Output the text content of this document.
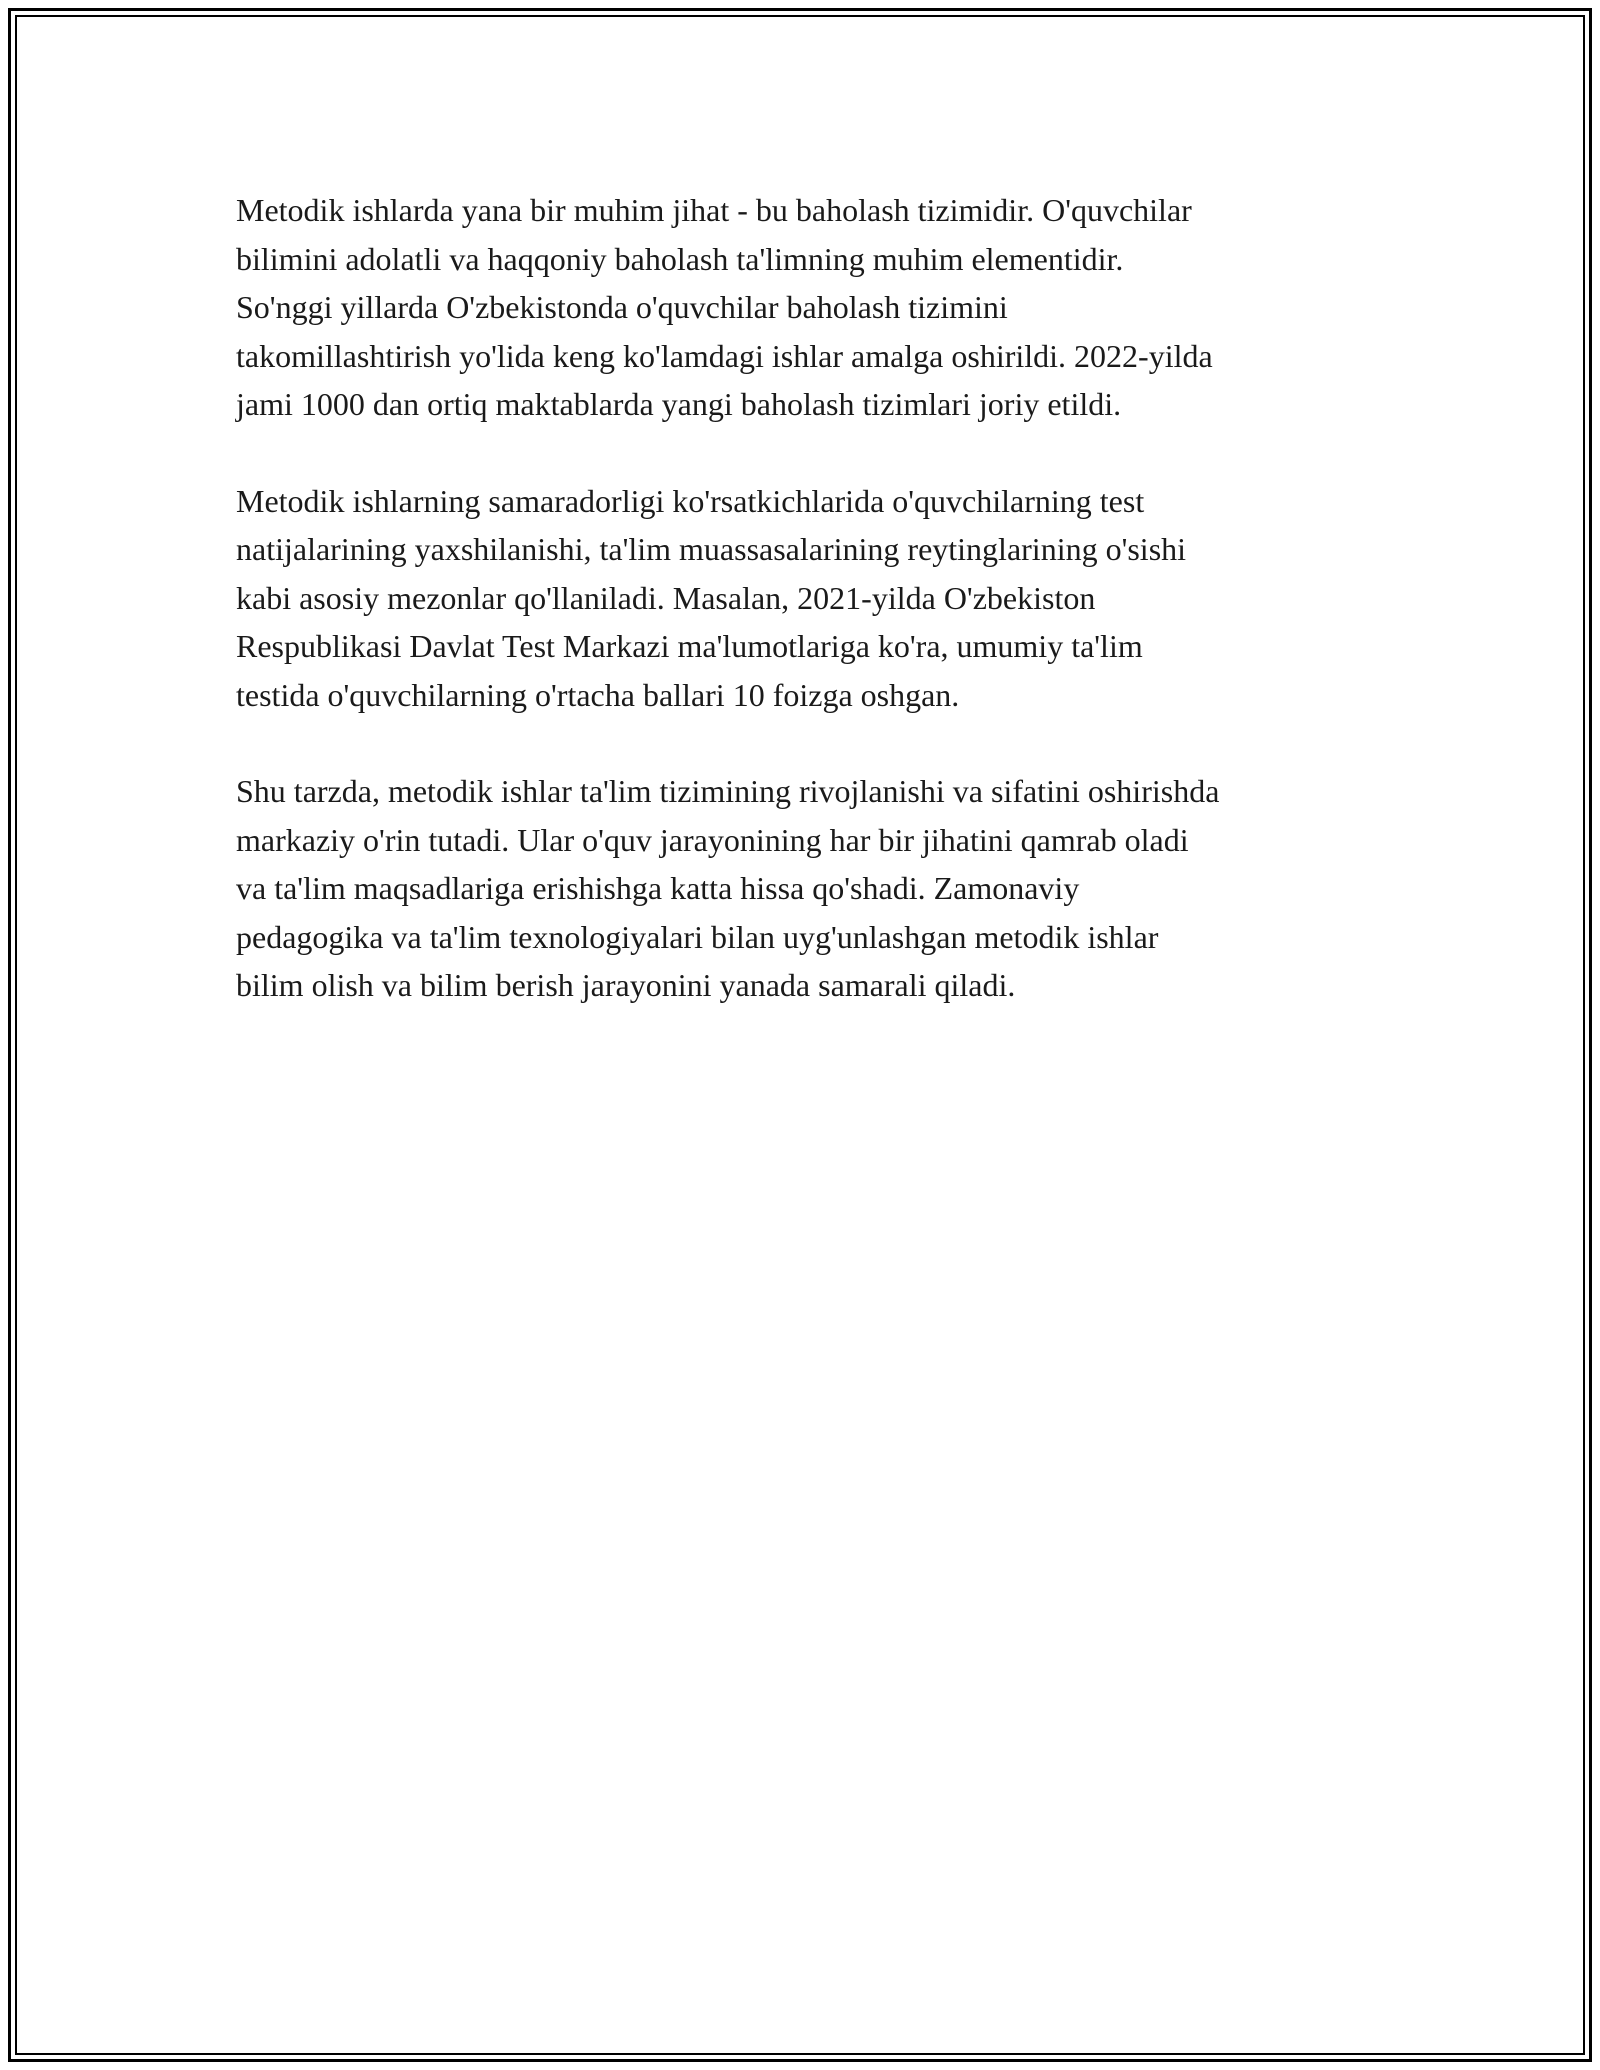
Metodik ishlarda yana bir muhim jihat - bu baholash tizimidir. O'quvchilar
bilimini adolatli va haqqoniy baholash ta'limning muhim elementidir.
So'nggi yillarda O'zbekistonda o'quvchilar baholash tizimini
takomillashtirish yo'lida keng ko'lamdagi ishlar amalga oshirildi. 2022-yilda
jami 1000 dan ortiq maktablarda yangi baholash tizimlari joriy etildi.

Metodik ishlarning samaradorligi ko'rsatkichlarida o'quvchilarning test
natijalarining yaxshilanishi, ta'lim muassasalarining reytinglarining o'sishi
kabi asosiy mezonlar qo'llaniladi. Masalan, 2021-yilda O'zbekiston
Respublikasi Davlat Test Markazi ma'lumotlariga ko'ra, umumiy ta'lim
testida o'quvchilarning o'rtacha ballari 10 foizga oshgan.

Shu tarzda, metodik ishlar ta'lim tizimining rivojlanishi va sifatini oshirishda
markaziy o'rin tutadi. Ular o'quv jarayonining har bir jihatini qamrab oladi
va ta'lim maqsadlariga erishishga katta hissa qo'shadi. Zamonaviy
pedagogika va ta'lim texnologiyalari bilan uyg'unlashgan metodik ishlar
bilim olish va bilim berish jarayonini yanada samarali qiladi.
